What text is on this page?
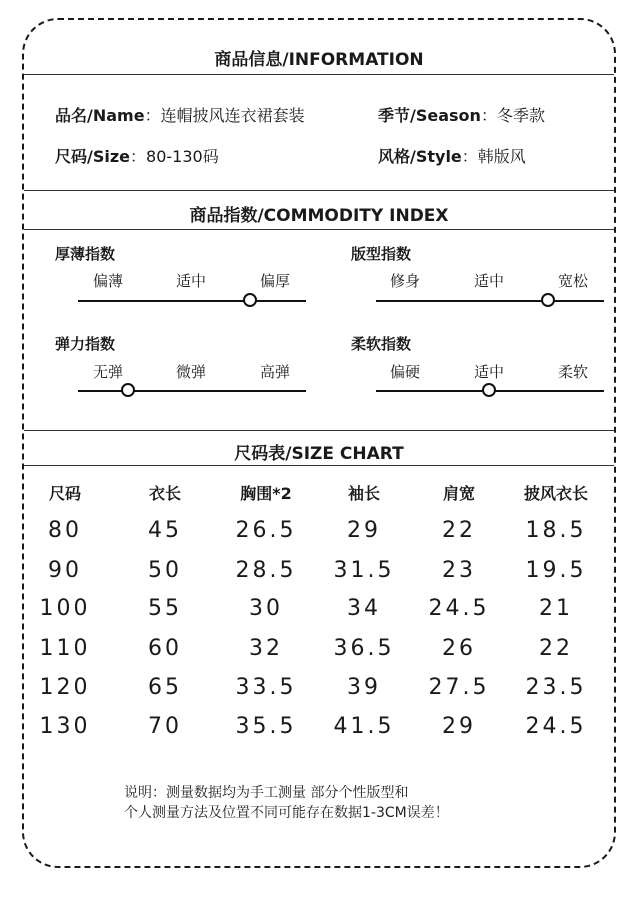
商品信息/INFORMATION
品名/Name：连帽披风连衣裙套装	季节/Season：冬季款
尺码/Size：80-130码	风格/Style：韩版风
商品指数/COMMODITY INDEX
厚薄指数
偏薄	适中	偏厚
版型指数
修身	适中	宽松
弹力指数
无弹	微弹	高弹
柔软指数
偏硬	适中	柔软
尺码表/SIZE CHART
尺码	衣长	胸围*2	袖长	肩宽	披风衣长
80	45	26.5	29	22	18.5
90	50	28.5	31.5	23	19.5
100	55	30	34	24.5	21
110	60	32	36.5	26	22
120	65	33.5	39	27.5	23.5
130	70	35.5	41.5	29	24.5
说明：测量数据均为手工测量 部分个性版型和
个人测量方法及位置不同可能存在数据1-3CM误差！
